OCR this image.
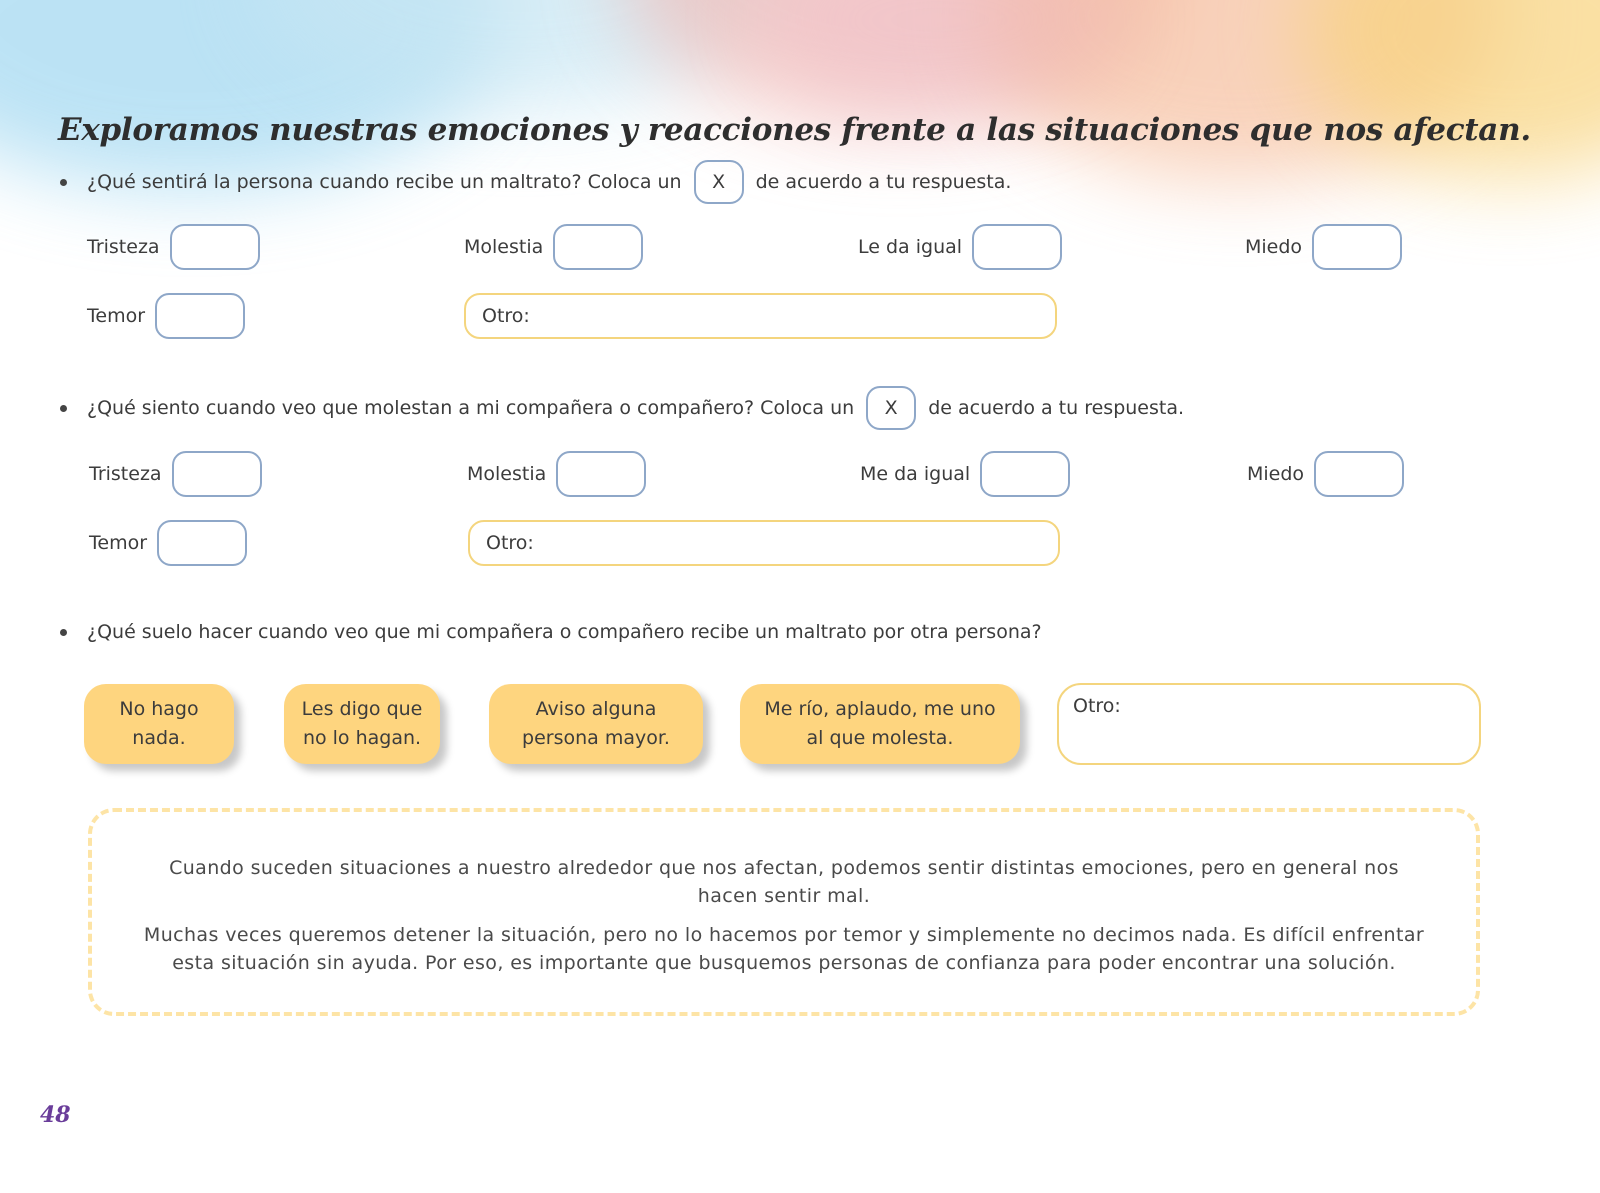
Exploramos nuestras emociones y reacciones frente a las situaciones que nos afectan.
¿Qué sentirá la persona cuando recibe un maltrato? Coloca un	X	de acuerdo a tu respuesta.
Tristeza	Molestia	Le da igual	Miedo
Temor	Otro:
¿Qué siento cuando veo que molestan a mi compañera o compañero? Coloca un	X	de acuerdo a tu respuesta.
Tristeza	Molestia	Me da igual	Miedo
Temor	Otro:
¿Qué suelo hacer cuando veo que mi compañera o compañero recibe un maltrato por otra persona?
No hago nada.
Les digo que
no lo hagan.
Aviso alguna
persona mayor.
Me río, aplaudo, me uno
al que molesta.
Otro:

Cuando suceden situaciones a nuestro alrededor que nos afectan, podemos sentir distintas emociones, pero en general nos hacen sentir mal.

Muchas veces queremos detener la situación, pero no lo hacemos por temor y simplemente no decimos nada. Es difícil enfrentar esta situación sin ayuda. Por eso, es importante que busquemos personas de confianza para poder encontrar una solución.

48
